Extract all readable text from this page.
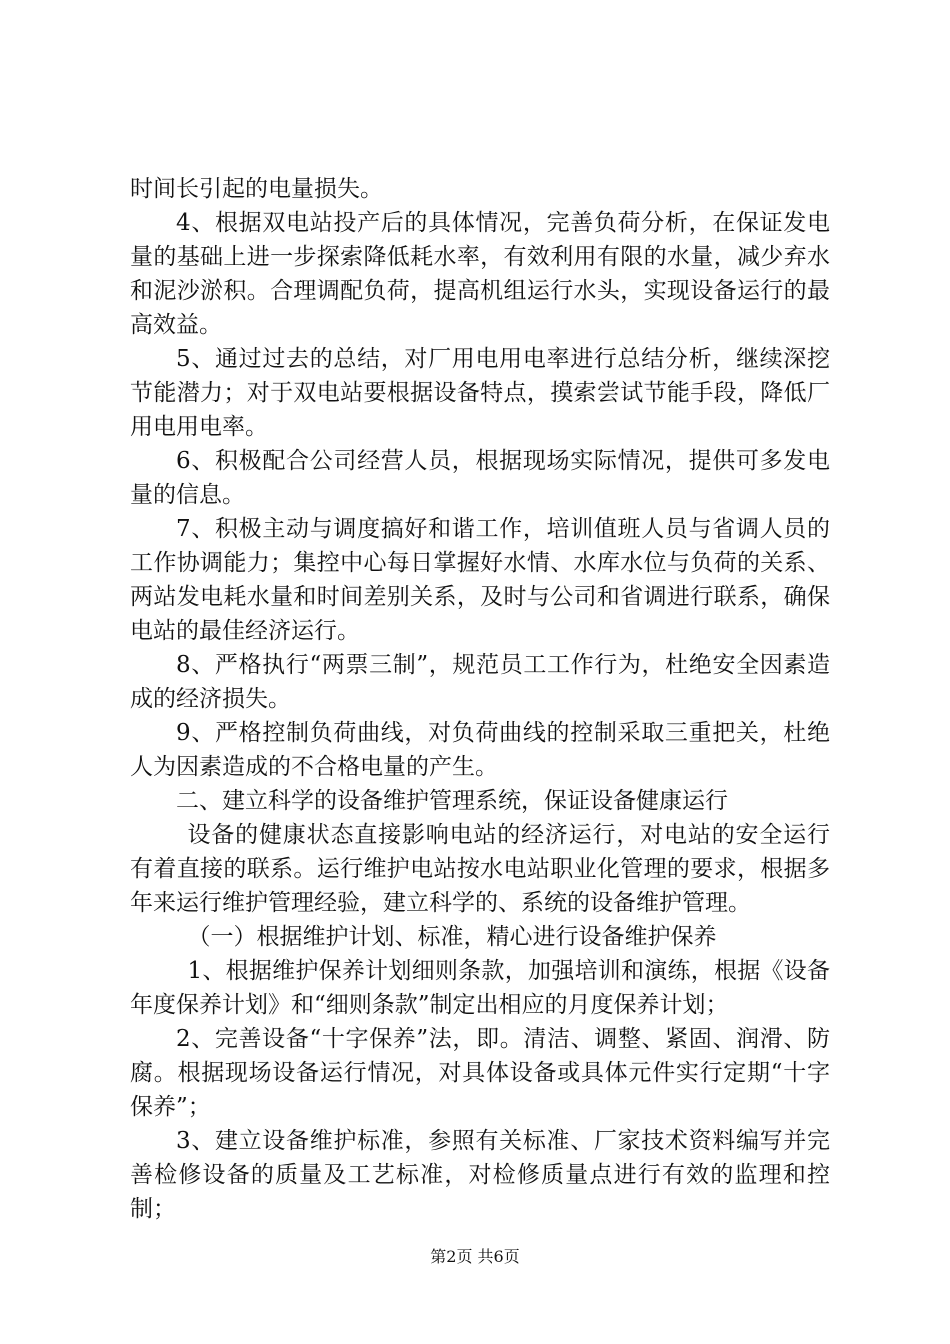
时间长引起的电量损失。

4、根据双电站投产后的具体情况，完善负荷分析，在保证发电量的基础上进一步探索降低耗水率，有效利用有限的水量，减少弃水和泥沙淤积。合理调配负荷，提高机组运行水头，实现设备运行的最高效益。

5、通过过去的总结，对厂用电用电率进行总结分析，继续深挖节能潜力；对于双电站要根据设备特点，摸索尝试节能手段，降低厂用电用电率。

6、积极配合公司经营人员，根据现场实际情况，提供可多发电量的信息。

7、积极主动与调度搞好和谐工作，培训值班人员与省调人员的工作协调能力；集控中心每日掌握好水情、水库水位与负荷的关系、两站发电耗水量和时间差别关系，及时与公司和省调进行联系，确保电站的最佳经济运行。

8、严格执行“两票三制”，规范员工工作行为，杜绝安全因素造成的经济损失。

9、严格控制负荷曲线，对负荷曲线的控制采取三重把关，杜绝人为因素造成的不合格电量的产生。

二、建立科学的设备维护管理系统，保证设备健康运行

设备的健康状态直接影响电站的经济运行，对电站的安全运行有着直接的联系。运行维护电站按水电站职业化管理的要求，根据多年来运行维护管理经验，建立科学的、系统的设备维护管理。

（一）根据维护计划、标准，精心进行设备维护保养

1、根据维护保养计划细则条款，加强培训和演练，根据《设备年度保养计划》和“细则条款”制定出相应的月度保养计划；

2、完善设备“十字保养”法，即。清洁、调整、紧固、润滑、防腐。根据现场设备运行情况，对具体设备或具体元件实行定期“十字保养”；

3、建立设备维护标准，参照有关标准、厂家技术资料编写并完善检修设备的质量及工艺标准，对检修质量点进行有效的监理和控制；

第2页 共6页
